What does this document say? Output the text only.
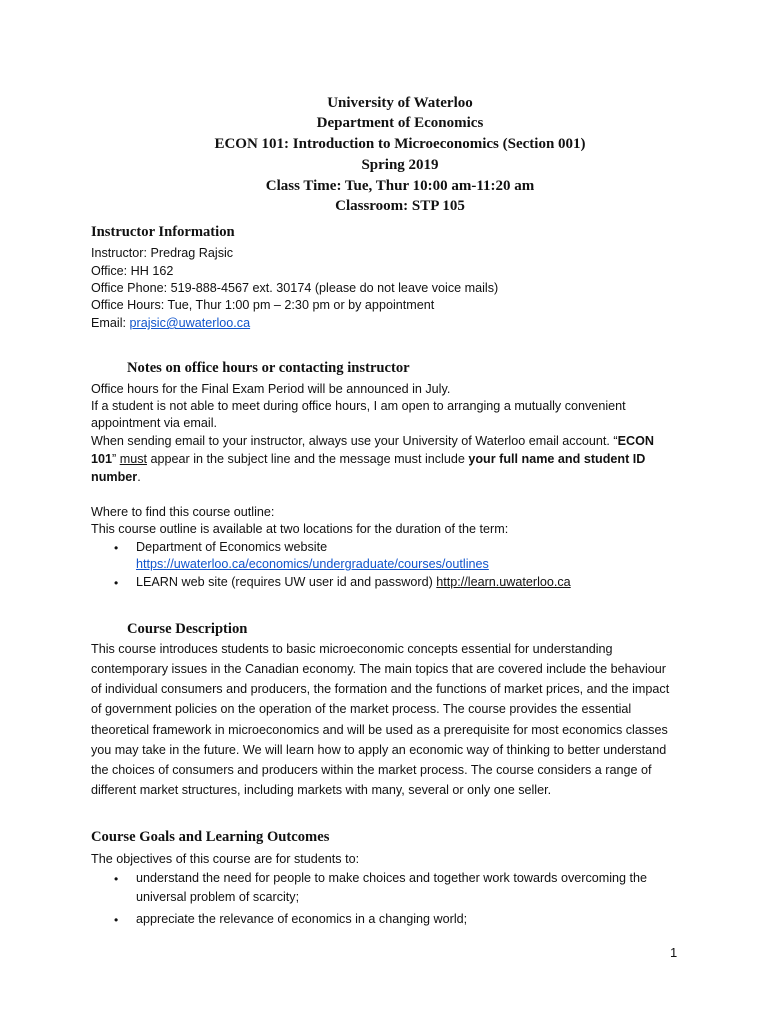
University of Waterloo
Department of Economics
ECON 101: Introduction to Microeconomics (Section 001)
Spring 2019
Class Time: Tue, Thur 10:00 am-11:20 am
Classroom: STP 105
Instructor Information
Instructor: Predrag Rajsic
Office: HH 162
Office Phone: 519-888-4567 ext. 30174 (please do not leave voice mails)
Office Hours: Tue, Thur 1:00 pm – 2:30 pm or by appointment
Email: prajsic@uwaterloo.ca
Notes on office hours or contacting instructor
Office hours for the Final Exam Period will be announced in July.
If a student is not able to meet during office hours, I am open to arranging a mutually convenient
appointment via email.
When sending email to your instructor, always use your University of Waterloo email account. “ECON
101” must appear in the subject line and the message must include your full name and student ID
number.
Where to find this course outline:
This course outline is available at two locations for the duration of the term:
• Department of Economics website
https://uwaterloo.ca/economics/undergraduate/courses/outlines
• LEARN web site (requires UW user id and password) http://learn.uwaterloo.ca
Course Description
This course introduces students to basic microeconomic concepts essential for understanding
contemporary issues in the Canadian economy. The main topics that are covered include the behaviour
of individual consumers and producers, the formation and the functions of market prices, and the impact
of government policies on the operation of the market process. The course provides the essential
theoretical framework in microeconomics and will be used as a prerequisite for most economics classes
you may take in the future. We will learn how to apply an economic way of thinking to better understand
the choices of consumers and producers within the market process. The course considers a range of
different market structures, including markets with many, several or only one seller.
Course Goals and Learning Outcomes
The objectives of this course are for students to:
• understand the need for people to make choices and together work towards overcoming the
universal problem of scarcity;
• appreciate the relevance of economics in a changing world;
1
